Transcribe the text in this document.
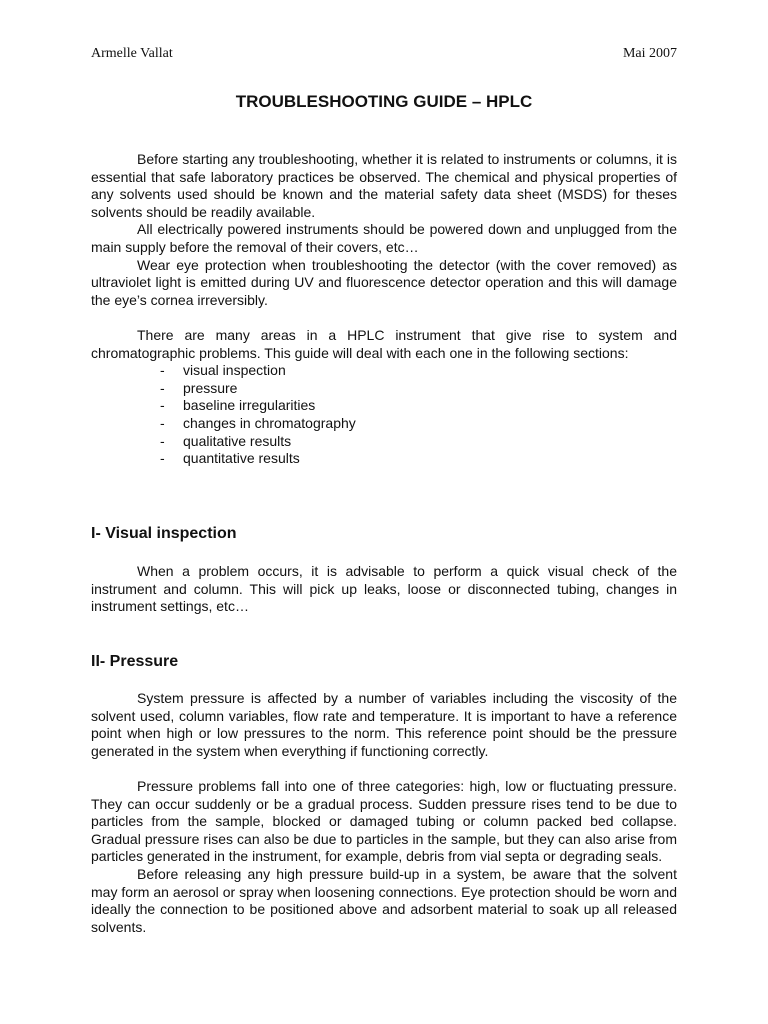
Armelle Vallat	Mai 2007
TROUBLESHOOTING GUIDE – HPLC

Before starting any troubleshooting, whether it is related to instruments or columns, it is essential that safe laboratory practices be observed. The chemical and physical properties of any solvents used should be known and the material safety data sheet (MSDS) for theses solvents should be readily available.

All electrically powered instruments should be powered down and unplugged from the main supply before the removal of their covers, etc…

Wear eye protection when troubleshooting the detector (with the cover removed) as ultraviolet light is emitted during UV and fluorescence detector operation and this will damage the eye’s cornea irreversibly.

There are many areas in a HPLC instrument that give rise to system and chromatographic problems. This guide will deal with each one in the following sections:

- visual inspection
- pressure
- baseline irregularities
- changes in chromatography
- qualitative results
- quantitative results
I- Visual inspection

When a problem occurs, it is advisable to perform a quick visual check of the instrument and column. This will pick up leaks, loose or disconnected tubing, changes in instrument settings, etc…

II- Pressure

System pressure is affected by a number of variables including the viscosity of the solvent used, column variables, flow rate and temperature. It is important to have a reference point when high or low pressures to the norm. This reference point should be the pressure generated in the system when everything if functioning correctly.

Pressure problems fall into one of three categories: high, low or fluctuating pressure. They can occur suddenly or be a gradual process. Sudden pressure rises tend to be due to particles from the sample, blocked or damaged tubing or column packed bed collapse. Gradual pressure rises can also be due to particles in the sample, but they can also arise from particles generated in the instrument, for example, debris from vial septa or degrading seals.

Before releasing any high pressure build-up in a system, be aware that the solvent may form an aerosol or spray when loosening connections. Eye protection should be worn and ideally the connection to be positioned above and adsorbent material to soak up all released solvents.
